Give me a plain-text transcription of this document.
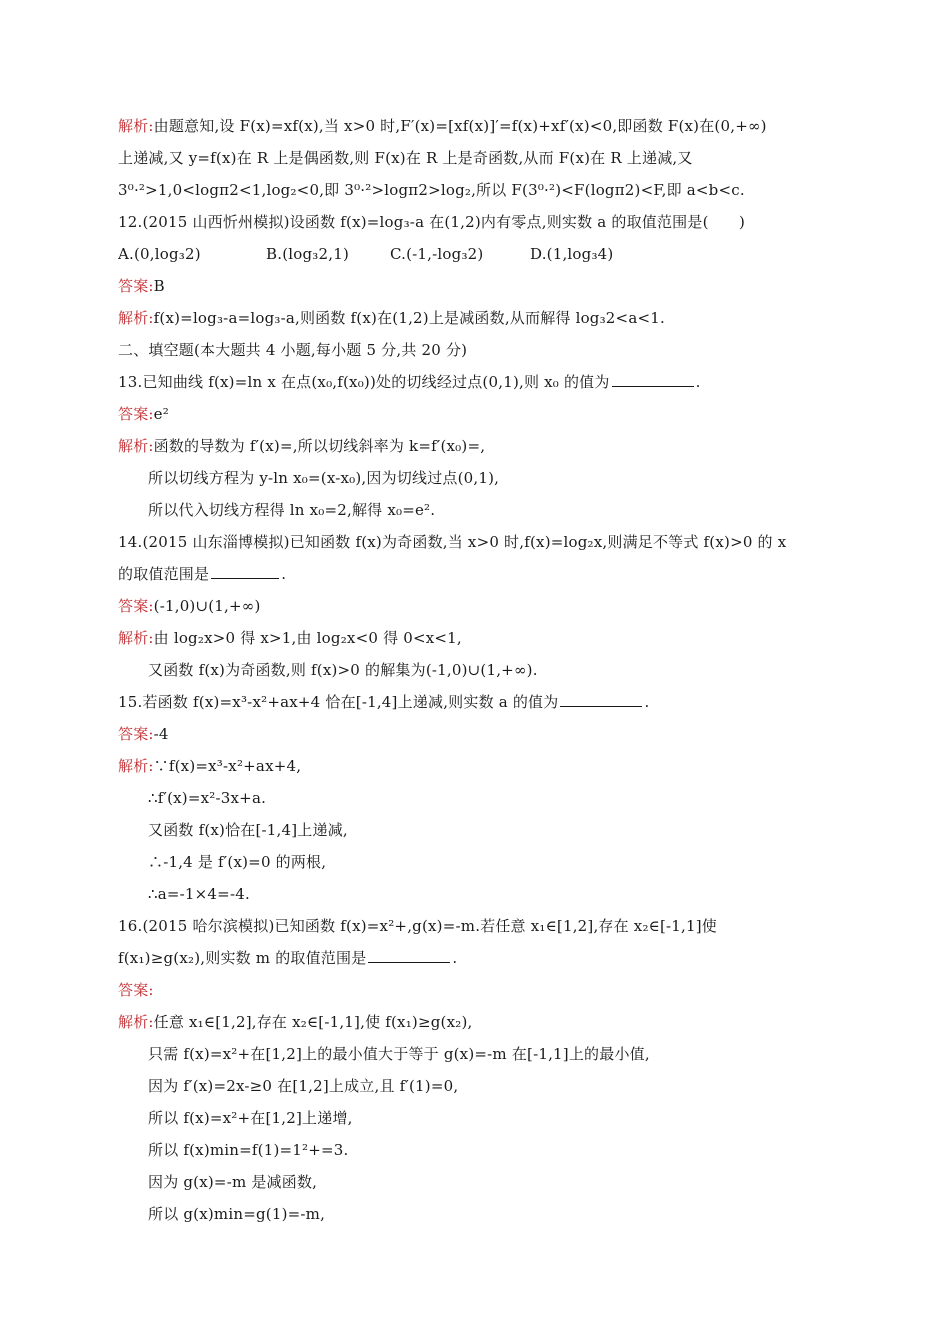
解析:由题意知,设 F(x)=xf(x),当 x>0 时,F′(x)=[xf(x)]′=f(x)+xf′(x)<0,即函数 F(x)在(0,+∞)
上递减,又 y=f(x)在 R 上是偶函数,则 F(x)在 R 上是奇函数,从而 F(x)在 R 上递减,又
3⁰·²>1,0<logπ2<1,log₂<0,即 3⁰·²>logπ2>log₂,所以 F(3⁰·²)<F(logπ2)<F,即 a<b<c.
12.(2015 山西忻州模拟)设函数 f(x)=log₃-a 在(1,2)内有零点,则实数 a 的取值范围是(　　)
A.(0,log₃2)	B.(log₃2,1)	C.(-1,-log₃2)	D.(1,log₃4)
答案:B
解析:f(x)=log₃-a=log₃-a,则函数 f(x)在(1,2)上是减函数,从而解得 log₃2<a<1.
二、填空题(本大题共 4 小题,每小题 5 分,共 20 分)
13.已知曲线 f(x)=ln x 在点(x₀,f(x₀))处的切线经过点(0,1),则 x₀ 的值为	.
答案:e²
解析:函数的导数为 f′(x)=,所以切线斜率为 k=f′(x₀)=,
所以切线方程为 y-ln x₀=(x-x₀),因为切线过点(0,1),
所以代入切线方程得 ln x₀=2,解得 x₀=e².
14.(2015 山东淄博模拟)已知函数 f(x)为奇函数,当 x>0 时,f(x)=log₂x,则满足不等式 f(x)>0 的 x
的取值范围是	.
答案:(-1,0)∪(1,+∞)
解析:由 log₂x>0 得 x>1,由 log₂x<0 得 0<x<1,
又函数 f(x)为奇函数,则 f(x)>0 的解集为(-1,0)∪(1,+∞).
15.若函数 f(x)=x³-x²+ax+4 恰在[-1,4]上递减,则实数 a 的值为	.
答案:-4
解析:∵f(x)=x³-x²+ax+4,
∴f′(x)=x²-3x+a.
又函数 f(x)恰在[-1,4]上递减,
∴-1,4 是 f′(x)=0 的两根,
∴a=-1×4=-4.
16.(2015 哈尔滨模拟)已知函数 f(x)=x²+,g(x)=-m.若任意 x₁∈[1,2],存在 x₂∈[-1,1]使
f(x₁)≥g(x₂),则实数 m 的取值范围是	.
答案:
解析:任意 x₁∈[1,2],存在 x₂∈[-1,1],使 f(x₁)≥g(x₂),
只需 f(x)=x²+在[1,2]上的最小值大于等于 g(x)=-m 在[-1,1]上的最小值,
因为 f′(x)=2x-≥0 在[1,2]上成立,且 f′(1)=0,
所以 f(x)=x²+在[1,2]上递增,
所以 f(x)min=f(1)=1²+=3.
因为 g(x)=-m 是减函数,
所以 g(x)min=g(1)=-m,
